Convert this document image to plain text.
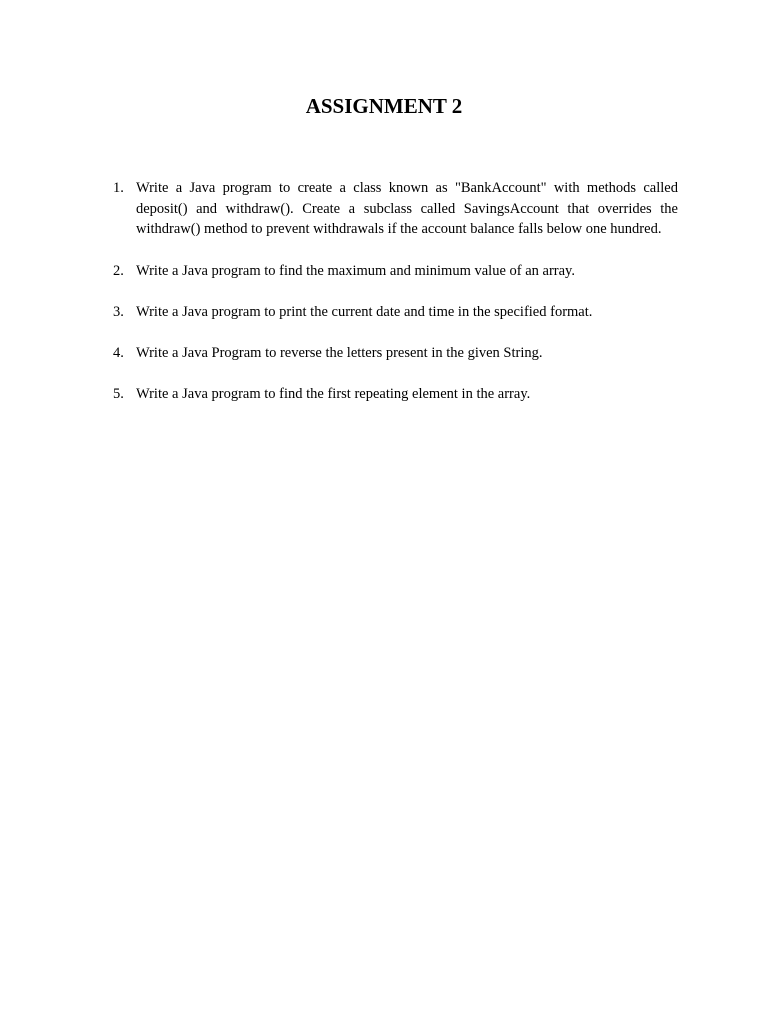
ASSIGNMENT 2
1. Write a Java program to create a class known as "BankAccount" with methods called deposit() and withdraw(). Create a subclass called SavingsAccount that overrides the withdraw() method to prevent withdrawals if the account balance falls below one hundred.
2. Write a Java program to find the maximum and minimum value of an array.
3. Write a Java program to print the current date and time in the specified format.
4. Write a Java Program to reverse the letters present in the given String.
5. Write a Java program to find the first repeating element in the array.
